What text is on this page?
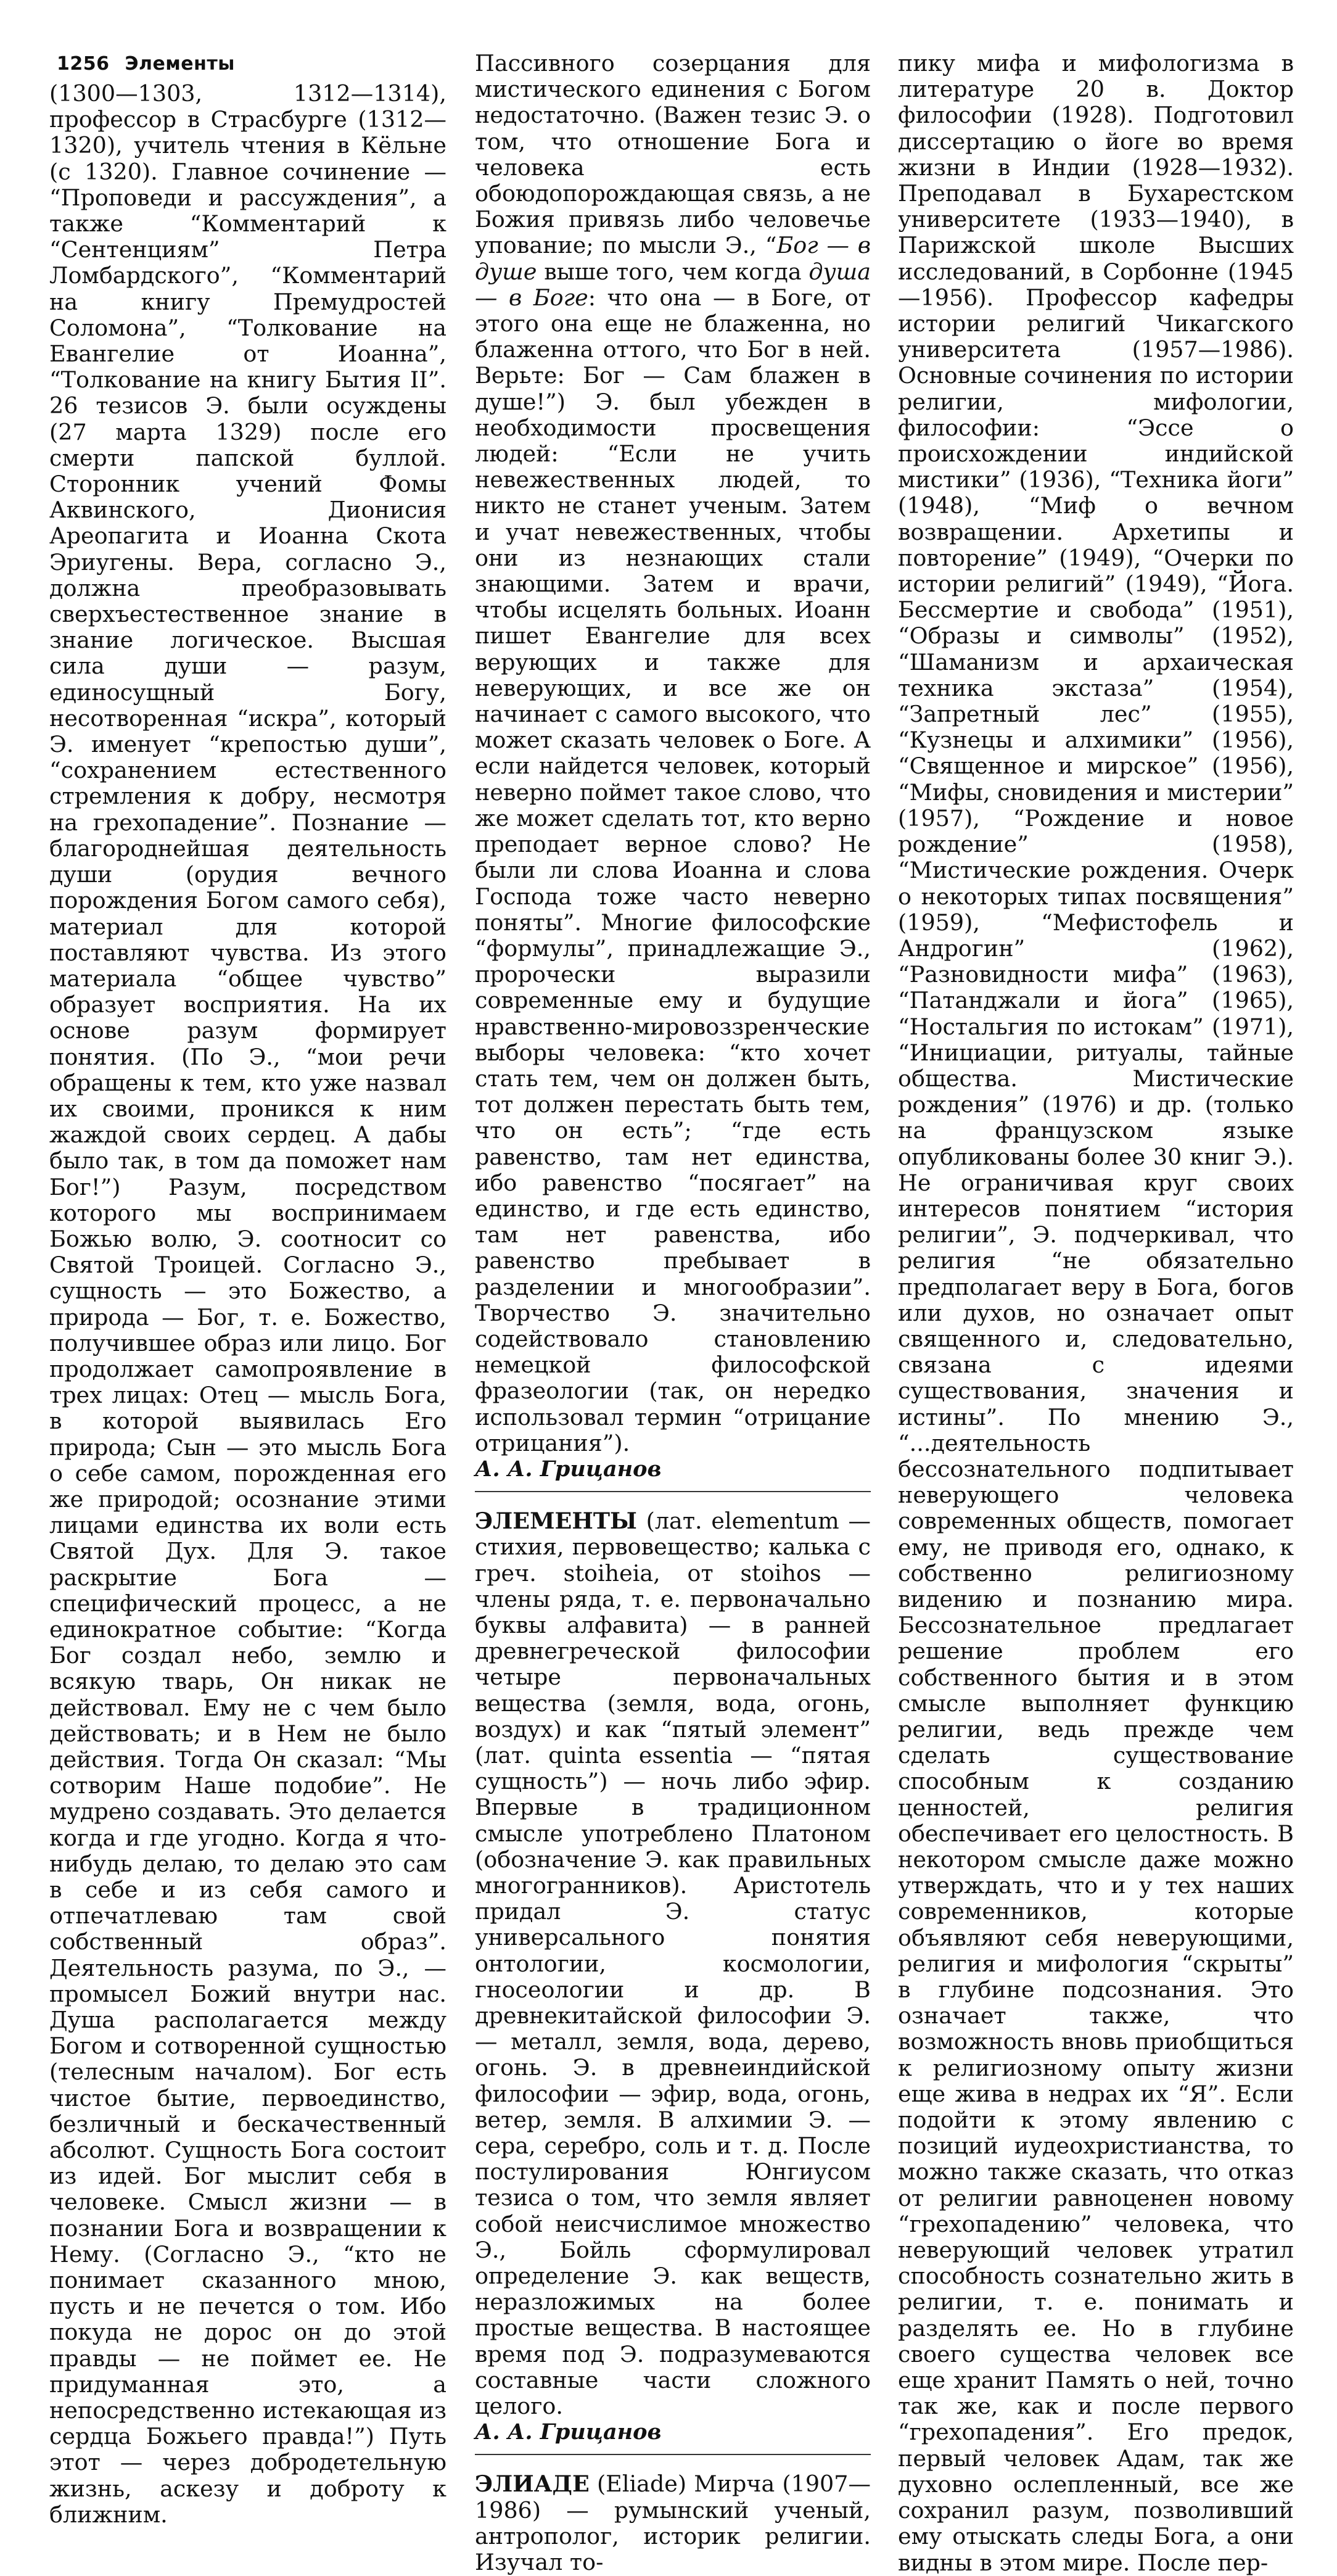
1256 Элементы

(1300—1303, 1312—1314), профессор в Страсбурге (1312—1320), учитель чтения в Кёльне (с 1320). Главное сочинение — “Проповеди и рассуждения”, а также “Комментарий к “Сентенциям” Петра Ломбардского”, “Комментарий на книгу Премудростей Соломона”, “Толкование на Евангелие от Иоанна”, “Толкование на книгу Бытия II”. 26 тезисов Э. были осуждены (27 марта 1329) после его смерти папской буллой. Сторонник учений Фомы Аквинского, Дионисия Ареопагита и Иоанна Скота Эриугены. Вера, согласно Э., должна преобразовывать сверхъестественное знание в знание логическое. Высшая сила души — разум, единосущный Богу, несотворенная “искра”, который Э. именует “крепостью души”, “сохранением естественного стремления к добру, несмотря на грехопадение”. Познание — благороднейшая деятельность души (орудия вечного порождения Богом самого себя), материал для которой поставляют чувства. Из этого материала “общее чувство” образует восприятия. На их основе разум формирует понятия. (По Э., “мои речи обращены к тем, кто уже назвал их своими, проникся к ним жаждой своих сердец. А дабы было так, в том да поможет нам Бог!”) Разум, посредством которого мы воспринимаем Божью волю, Э. соотносит со Святой Троицей. Согласно Э., сущность — это Божество, а природа — Бог, т. е. Божество, получившее образ или лицо. Бог продолжает самопроявление в трех лицах: Отец — мысль Бога, в которой выявилась Его природа; Сын — это мысль Бога о себе самом, порожденная его же природой; осознание этими лицами единства их воли есть Святой Дух. Для Э. такое раскрытие Бога — специфический процесс, а не единократное событие: “Когда Бог создал небо, землю и всякую тварь, Он никак не действовал. Ему не с чем было действовать; и в Нем не было действия. Тогда Он сказал: “Мы сотворим Наше подобие”. Не мудрено создавать. Это делается когда и где угодно. Когда я что-нибудь делаю, то делаю это сам в себе и из себя самого и отпечатлеваю там свой собственный образ”. Деятельность разума, по Э., — промысел Божий внутри нас. Душа располагается между Богом и сотворенной сущностью (телесным началом). Бог есть чистое бытие, первоединство, безличный и бескачественный абсолют. Сущность Бога состоит из идей. Бог мыслит себя в человеке. Смысл жизни — в познании Бога и возвращении к Нему. (Согласно Э., “кто не понимает сказанного мною, пусть и не печется о том. Ибо покуда не дорос он до этой правды — не поймет ее. Не придуманная это, а непосредственно истекающая из сердца Божьего правда!”) Путь этот — через добродетельную жизнь, аскезу и доброту к ближним.

Пассивного созерцания для мистического единения с Богом недостаточно. (Важен тезис Э. о том, что отношение Бога и человека есть обоюдопорождающая связь, а не Божия привязь либо человечье упование; по мысли Э., “Бог — в душе выше того, чем когда душа — в Боге: что она — в Боге, от этого она еще не блаженна, но блаженна оттого, что Бог в ней. Верьте: Бог — Сам блажен в душе!”) Э. был убежден в необходимости просвещения людей: “Если не учить невежественных людей, то никто не станет ученым. Затем и учат невежественных, чтобы они из незнающих стали знающими. Затем и врачи, чтобы исцелять больных. Иоанн пишет Евангелие для всех верующих и также для неверующих, и все же он начинает с самого высокого, что может сказать человек о Боге. А если найдется человек, который неверно поймет такое слово, что же может сделать тот, кто верно преподает верное слово? Не были ли слова Иоанна и слова Господа тоже часто неверно поняты”. Многие философские “формулы”, принадлежащие Э., пророчески выразили современные ему и будущие нравственно-мировоззренческие выборы человека: “кто хочет стать тем, чем он должен быть, тот должен перестать быть тем, что он есть”; “где есть равенство, там нет единства, ибо равенство “посягает” на единство, и где есть единство, там нет равенства, ибо равенство пребывает в разделении и многообразии”. Творчество Э. значительно содействовало становлению немецкой философской фразеологии (так, он нередко использовал термин “отрицание отрицания”).

А. А. Грицанов

ЭЛЕМЕНТЫ (лат. elementum — стихия, первовещество; калька с греч. stoiheia, от stoihos — члены ряда, т. е. первоначально буквы алфавита) — в ранней древнегреческой философии четыре первоначальных вещества (земля, вода, огонь, воздух) и как “пятый элемент” (лат. quinta essentia — “пятая сущность”) — ночь либо эфир. Впервые в традиционном смысле употреблено Платоном (обозначение Э. как правильных многогранников). Аристотель придал Э. статус универсального понятия онтологии, космологии, гносеологии и др. В древнекитайской философии Э. — металл, земля, вода, дерево, огонь. Э. в древнеиндийской философии — эфир, вода, огонь, ветер, земля. В алхимии Э. — сера, серебро, соль и т. д. После постулирования Юнгиусом тезиса о том, что земля являет собой неисчислимое множество Э., Бойль сформулировал определение Э. как веществ, неразложимых на более простые вещества. В настоящее время под Э. подразумеваются составные части сложного целого.

А. А. Грицанов

ЭЛИАДЕ (Eliade) Мирча (1907—1986) — румынский ученый, антрополог, историк религии. Изучал то-

пику мифа и мифологизма в литературе 20 в. Доктор философии (1928). Подготовил диссертацию о йоге во время жизни в Индии (1928—1932). Преподавал в Бухарестском университете (1933—1940), в Парижской школе Высших исследований, в Сорбонне (1945—1956). Профессор кафедры истории религий Чикагского университета (1957—1986). Основные сочинения по истории религии, мифологии, философии: “Эссе о происхождении индийской мистики” (1936), “Техника йоги” (1948), “Миф о вечном возвращении. Архетипы и повторение” (1949), “Очерки по истории религий” (1949), “Йога. Бессмертие и свобода” (1951), “Образы и символы” (1952), “Шаманизм и архаическая техника экстаза” (1954), “Запретный лес” (1955), “Кузнецы и алхимики” (1956), “Священное и мирское” (1956), “Мифы, сновидения и мистерии” (1957), “Рождение и новое рождение” (1958), “Мистические рождения. Очерк о некоторых типах посвящения” (1959), “Мефистофель и Андрогин” (1962), “Разновидности мифа” (1963), “Патанджали и йога” (1965), “Ностальгия по истокам” (1971), “Инициации, ритуалы, тайные общества. Мистические рождения” (1976) и др. (только на французском языке опубликованы более 30 книг Э.). Не ограничивая круг своих интересов понятием “история религии”, Э. подчеркивал, что религия “не обязательно предполагает веру в Бога, богов или духов, но означает опыт священного и, следовательно, связана с идеями существования, значения и истины”. По мнению Э., “...деятельность бессознательного подпитывает неверующего человека современных обществ, помогает ему, не приводя его, однако, к собственно религиозному видению и познанию мира. Бессознательное предлагает решение проблем его собственного бытия и в этом смысле выполняет функцию религии, ведь прежде чем сделать существование способным к созданию ценностей, религия обеспечивает его целостность. В некотором смысле даже можно утверждать, что и у тех наших современников, которые объявляют себя неверующими, религия и мифология “скрыты” в глубине подсознания. Это означает также, что возможность вновь приобщиться к религиозному опыту жизни еще жива в недрах их “Я”. Если подойти к этому явлению с позиций иудеохристианства, то можно также сказать, что отказ от религии равноценен новому “грехопадению” человека, что неверующий человек утратил способность сознательно жить в религии, т. е. понимать и разделять ее. Но в глубине своего существа человек все еще хранит Память о ней, точно так же, как и после первого “грехопадения”. Его предок, первый человек Адам, так же духовно ослепленный, все же сохранил разум, позволивший ему отыскать следы Бога, а они видны в этом мире. После пер-
